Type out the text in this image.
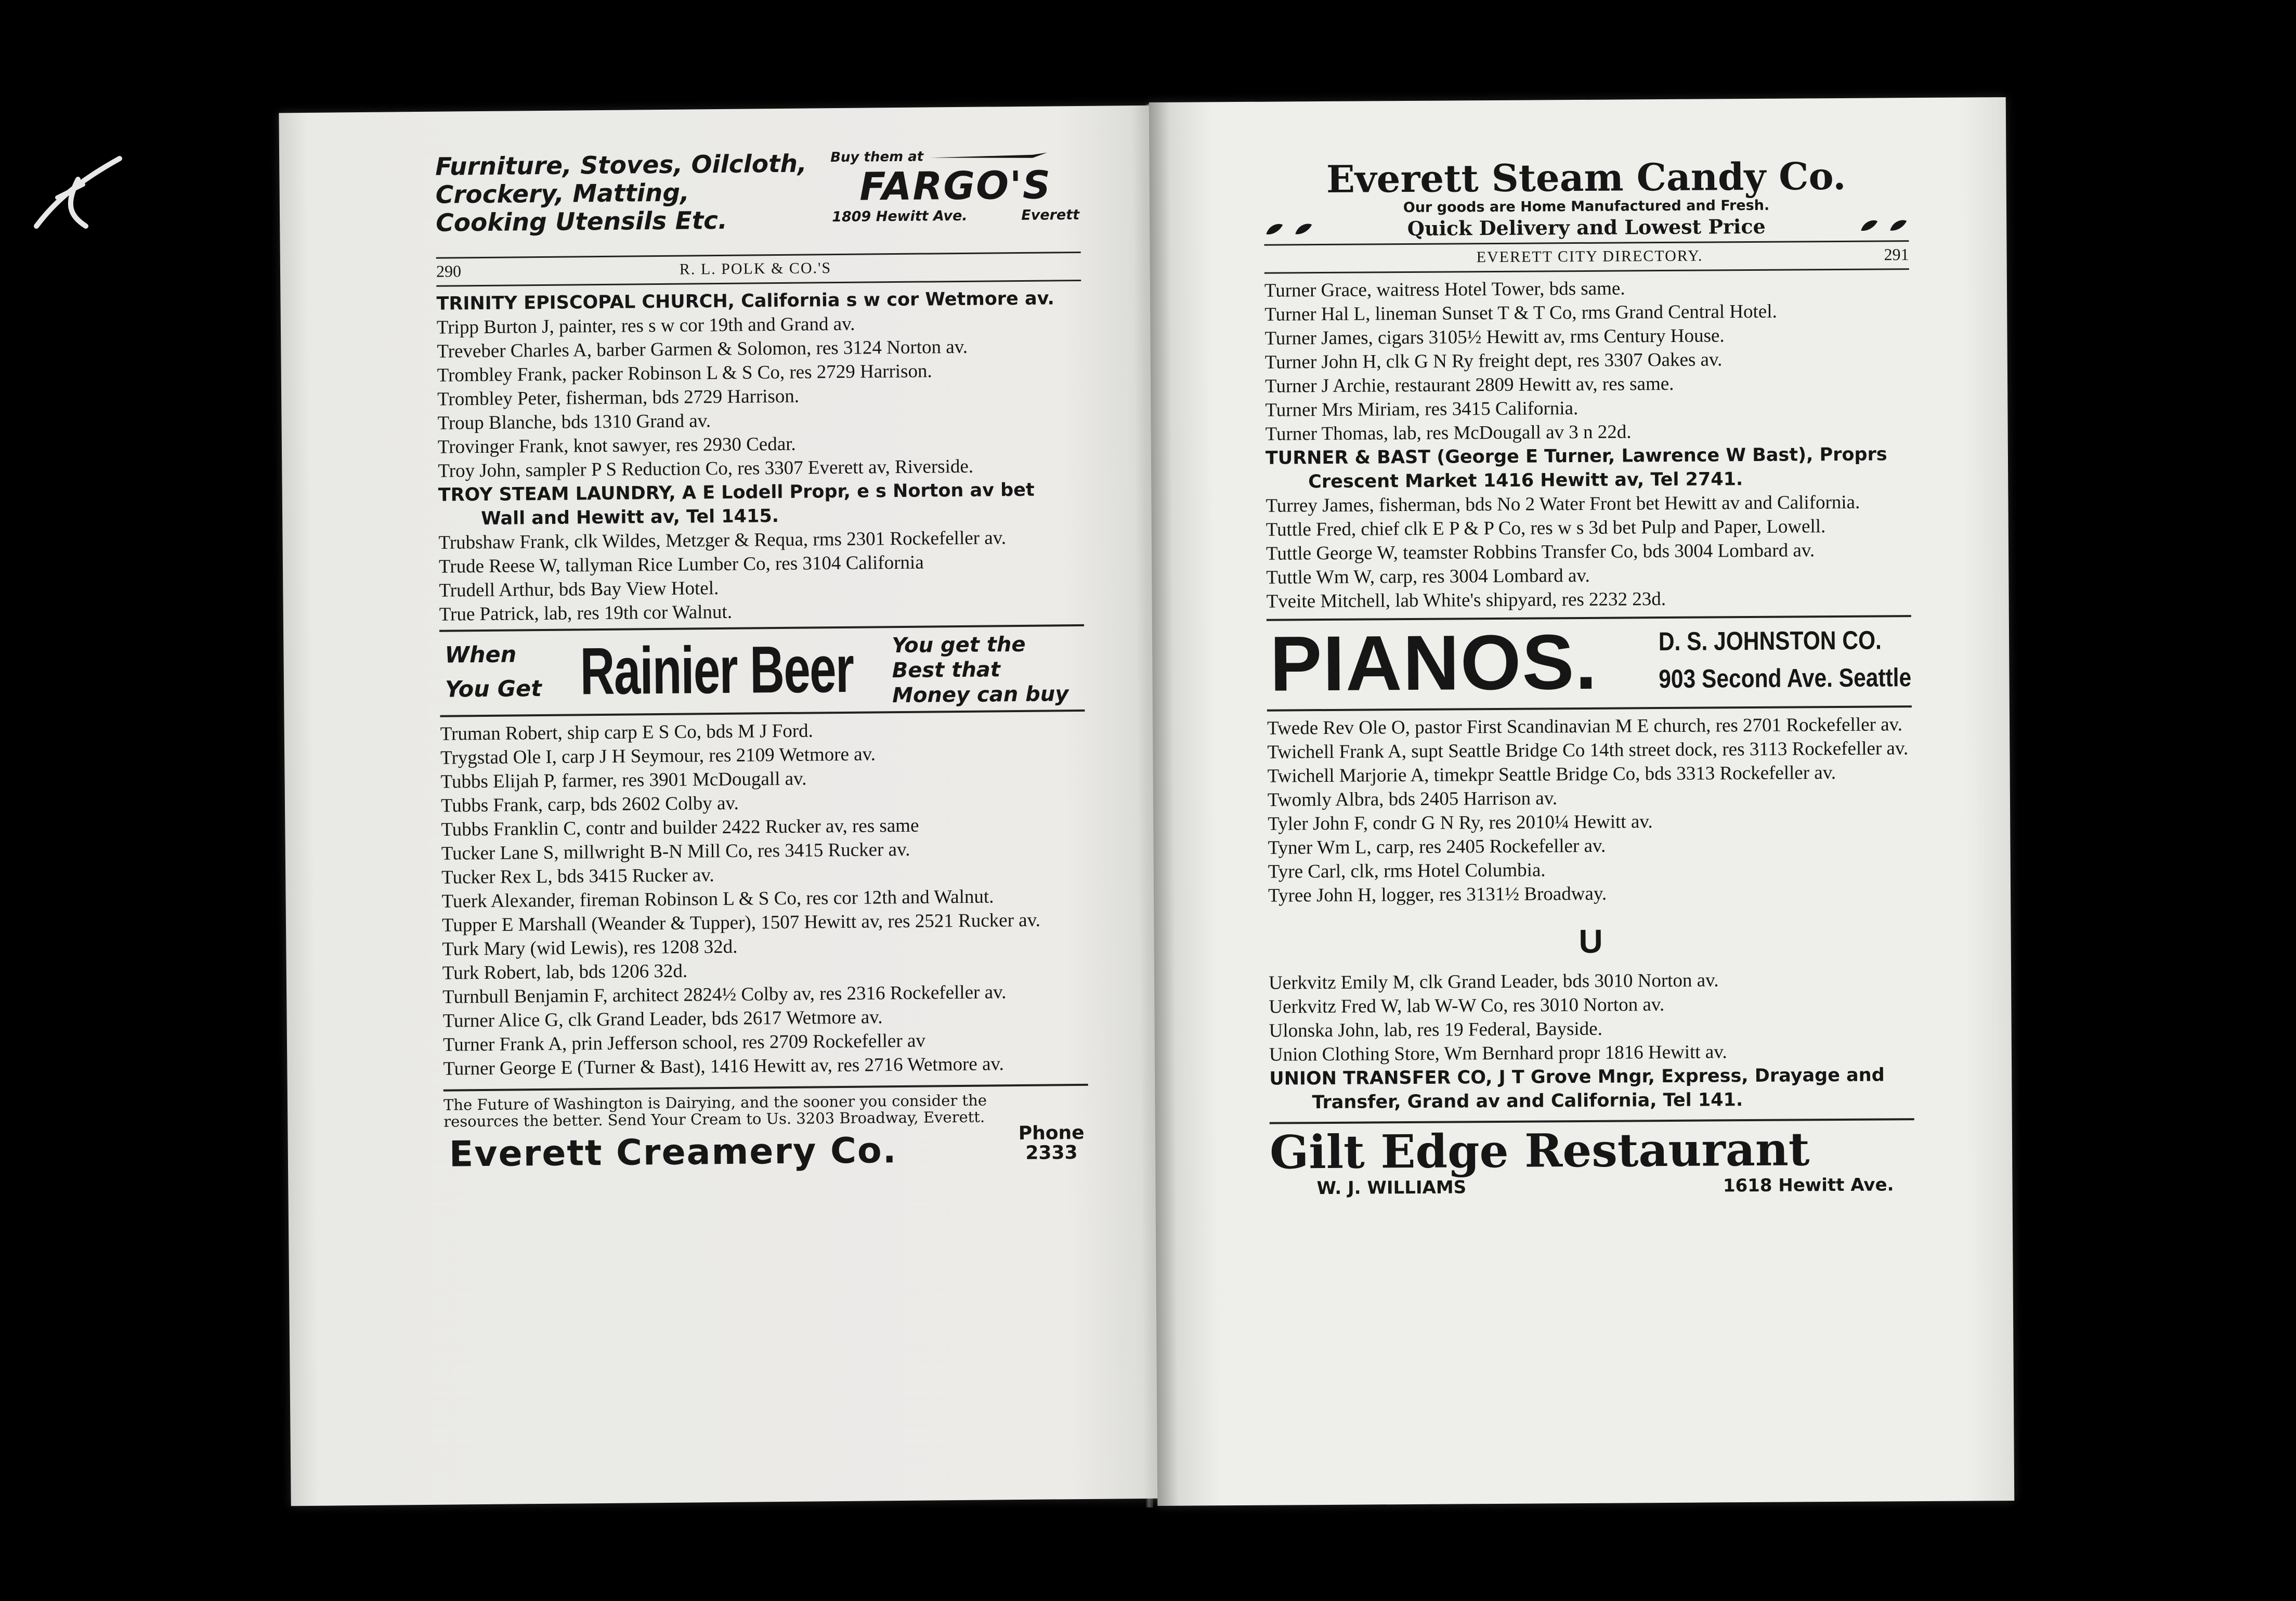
Furniture, Stoves, Oilcloth,
Crockery, Matting,
Cooking Utensils Etc.
Buy them at
FARGO'S
1809 Hewitt Ave.	Everett
290	R. L. POLK & CO.'S
TRINITY EPISCOPAL CHURCH, California s w cor Wetmore av.
Tripp Burton J, painter, res s w cor 19th and Grand av.
Treveber Charles A, barber Garmen & Solomon, res 3124 Norton av.
Trombley Frank, packer Robinson L & S Co, res 2729 Harrison.
Trombley Peter, fisherman, bds 2729 Harrison.
Troup Blanche, bds 1310 Grand av.
Trovinger Frank, knot sawyer, res 2930 Cedar.
Troy John, sampler P S Reduction Co, res 3307 Everett av, Riverside.
TROY STEAM LAUNDRY, A E Lodell Propr, e s Norton av bet Wall and Hewitt av, Tel 1415.
Trubshaw Frank, clk Wildes, Metzger & Requa, rms 2301 Rockefeller av.
Trude Reese W, tallyman Rice Lumber Co, res 3104 California
Trudell Arthur, bds Bay View Hotel.
True Patrick, lab, res 19th cor Walnut.
When
You Get Rainier Beer You get the
Best that
Money can buy
Truman Robert, ship carp E S Co, bds M J Ford.
Trygstad Ole I, carp J H Seymour, res 2109 Wetmore av.
Tubbs Elijah P, farmer, res 3901 McDougall av.
Tubbs Frank, carp, bds 2602 Colby av.
Tubbs Franklin C, contr and builder 2422 Rucker av, res same
Tucker Lane S, millwright B-N Mill Co, res 3415 Rucker av.
Tucker Rex L, bds 3415 Rucker av.
Tuerk Alexander, fireman Robinson L & S Co, res cor 12th and Walnut.
Tupper E Marshall (Weander & Tupper), 1507 Hewitt av, res 2521 Rucker av.
Turk Mary (wid Lewis), res 1208 32d.
Turk Robert, lab, bds 1206 32d.
Turnbull Benjamin F, architect 2824½ Colby av, res 2316 Rockefeller av.
Turner Alice G, clk Grand Leader, bds 2617 Wetmore av.
Turner Frank A, prin Jefferson school, res 2709 Rockefeller av
Turner George E (Turner & Bast), 1416 Hewitt av, res 2716 Wetmore av.
The Future of Washington is Dairying, and the sooner you consider the
resources the better. Send Your Cream to Us. 3203 Broadway, Everett.
Everett Creamery Co.	Phone
2333
Everett Steam Candy Co.
Our goods are Home Manufactured and Fresh.
Quick Delivery and Lowest Price
EVERETT CITY DIRECTORY.	291
Turner Grace, waitress Hotel Tower, bds same.
Turner Hal L, lineman Sunset T & T Co, rms Grand Central Hotel.
Turner James, cigars 3105½ Hewitt av, rms Century House.
Turner John H, clk G N Ry freight dept, res 3307 Oakes av.
Turner J Archie, restaurant 2809 Hewitt av, res same.
Turner Mrs Miriam, res 3415 California.
Turner Thomas, lab, res McDougall av 3 n 22d.
TURNER & BAST (George E Turner, Lawrence W Bast), Proprs Crescent Market 1416 Hewitt av, Tel 2741.
Turrey James, fisherman, bds No 2 Water Front bet Hewitt av and California.
Tuttle Fred, chief clk E P & P Co, res w s 3d bet Pulp and Paper, Lowell.
Tuttle George W, teamster Robbins Transfer Co, bds 3004 Lombard av.
Tuttle Wm W, carp, res 3004 Lombard av.
Tveite Mitchell, lab White's shipyard, res 2232 23d.
PIANOS. D. S. JOHNSTON CO.
903 Second Ave. Seattle
Twede Rev Ole O, pastor First Scandinavian M E church, res 2701 Rockefeller av.
Twichell Frank A, supt Seattle Bridge Co 14th street dock, res 3113 Rockefeller av.
Twichell Marjorie A, timekpr Seattle Bridge Co, bds 3313 Rockefeller av.
Twomly Albra, bds 2405 Harrison av.
Tyler John F, condr G N Ry, res 2010¼ Hewitt av.
Tyner Wm L, carp, res 2405 Rockefeller av.
Tyre Carl, clk, rms Hotel Columbia.
Tyree John H, logger, res 3131½ Broadway.
U
Uerkvitz Emily M, clk Grand Leader, bds 3010 Norton av.
Uerkvitz Fred W, lab W-W Co, res 3010 Norton av.
Ulonska John, lab, res 19 Federal, Bayside.
Union Clothing Store, Wm Bernhard propr 1816 Hewitt av.
UNION TRANSFER CO, J T Grove Mngr, Express, Drayage and Transfer, Grand av and California, Tel 141.
Gilt Edge Restaurant
W. J. WILLIAMS	1618 Hewitt Ave.
